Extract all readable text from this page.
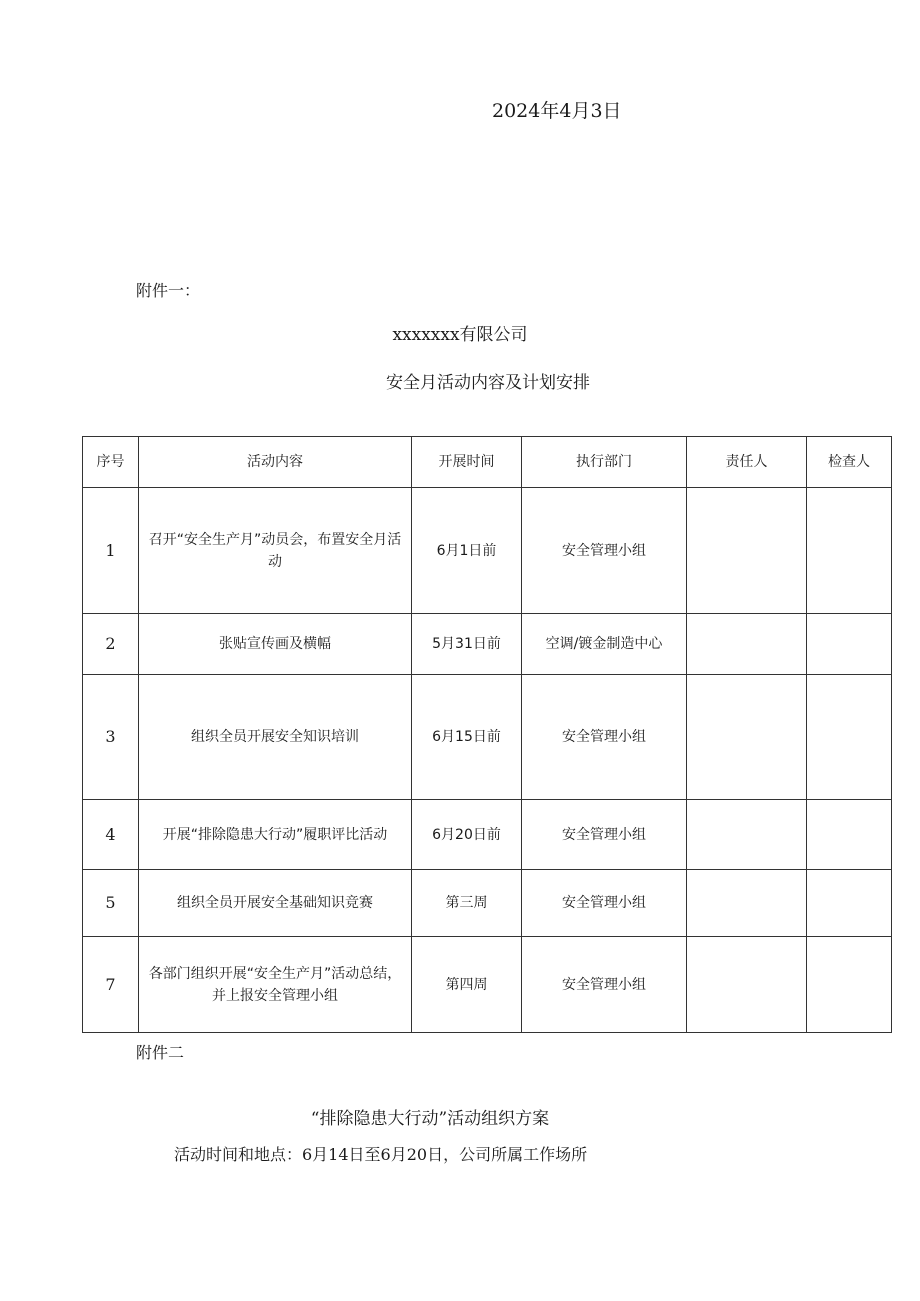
2024年4月3日
附件一：
xxxxxxx有限公司
安全月活动内容及计划安排
序号	活动内容	开展时间	执行部门	责任人	检查人
1	召开“安全生产月”动员会，布置安全月活动	6月1日前	安全管理小组		
2	张贴宣传画及横幅	5月31日前	空调/镀金制造中心		
3	组织全员开展安全知识培训	6月15日前	安全管理小组		
4	开展“排除隐患大行动”履职评比活动	6月20日前	安全管理小组		
5	组织全员开展安全基础知识竞赛	第三周	安全管理小组		
7	各部门组织开展“安全生产月”活动总结，并上报安全管理小组	第四周	安全管理小组		
附件二
“排除隐患大行动”活动组织方案
活动时间和地点：6月14日至6月20日，公司所属工作场所
